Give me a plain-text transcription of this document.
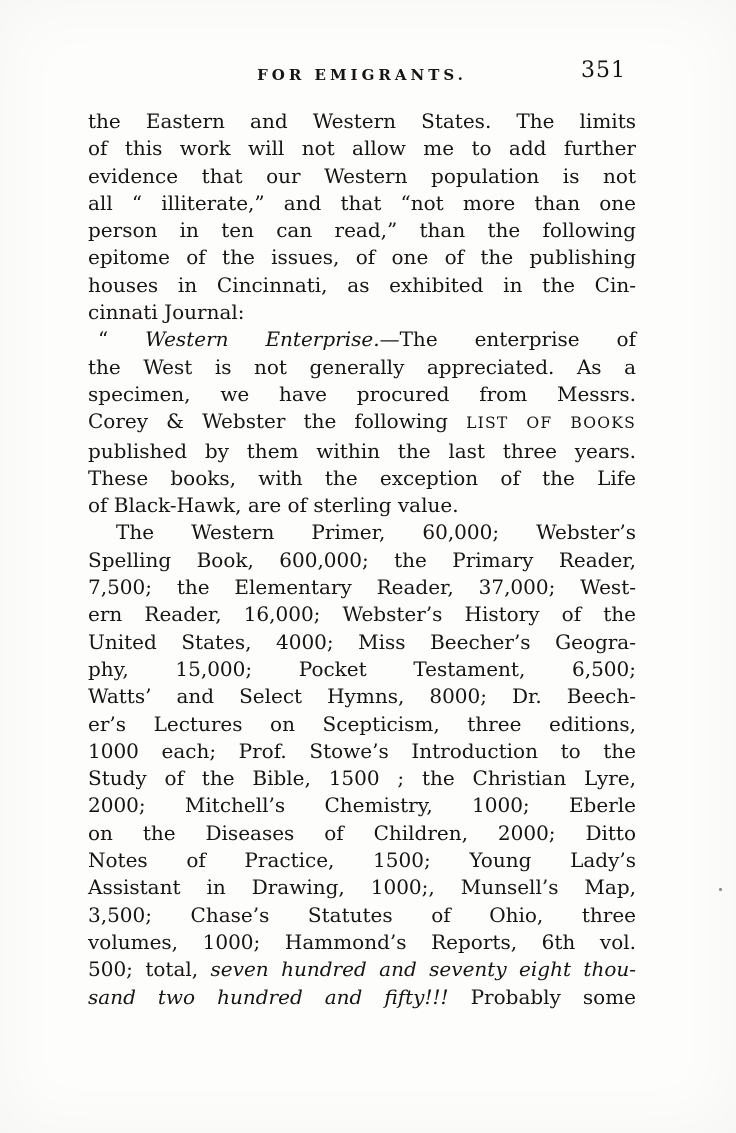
FOR EMIGRANTS.	351
the Eastern and Western States. The limits
of this work will not allow me to add further
evidence that our Western population is not
all “ illiterate,” and that “not more than one
person in ten can read,” than the following
epitome of the issues, of one of the publishing
houses in Cincinnati, as exhibited in the Cin-
cinnati Journal:
“ Western Enterprise.—The enterprise of
the West is not generally appreciated. As a
specimen, we have procured from Messrs.
Corey & Webster the following LIST OF BOOKS
published by them within the last three years.
These books, with the exception of the Life
of Black-Hawk, are of sterling value.
The Western Primer, 60,000; Webster’s
Spelling Book, 600,000; the Primary Reader,
7,500; the Elementary Reader, 37,000; West-
ern Reader, 16,000; Webster’s History of the
United States, 4000; Miss Beecher’s Geogra-
phy, 15,000; Pocket Testament, 6,500;
Watts’ and Select Hymns, 8000; Dr. Beech-
er’s Lectures on Scepticism, three editions,
1000 each; Prof. Stowe’s Introduction to the
Study of the Bible, 1500 ; the Christian Lyre,
2000; Mitchell’s Chemistry, 1000; Eberle
on the Diseases of Children, 2000; Ditto
Notes of Practice, 1500; Young Lady’s
Assistant in Drawing, 1000;, Munsell’s Map,
3,500; Chase’s Statutes of Ohio, three
volumes, 1000; Hammond’s Reports, 6th vol.
500; total, seven hundred and seventy eight thou-
sand two hundred and fifty!!! Probably some
